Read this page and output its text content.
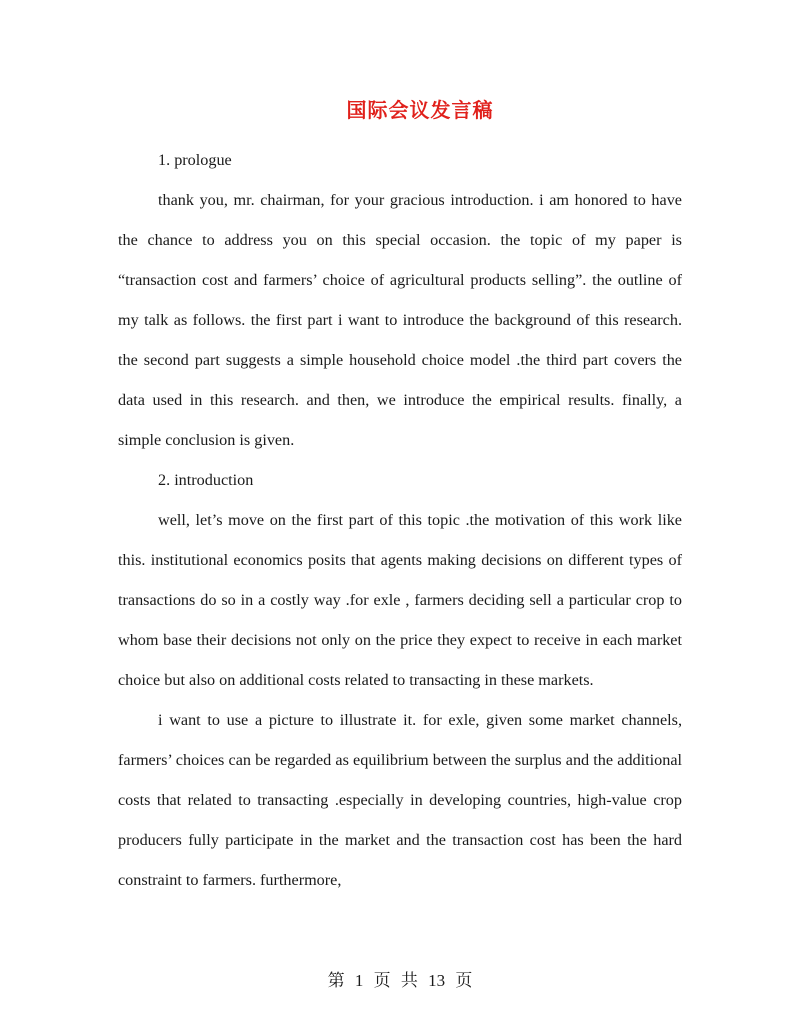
国际会议发言稿

1. prologue

thank you, mr. chairman, for your gracious introduction. i am honored to have the chance to address you on this special occasion. the topic of my paper is “transaction cost and farmers’ choice of agricultural products selling”. the outline of my talk as follows. the first part i want to introduce the background of this research. the second part suggests a simple household choice model .the third part covers the data used in this research. and then, we introduce the empirical results. finally, a simple conclusion is given.

2. introduction

well, let’s move on the first part of this topic .the motivation of this work like this. institutional economics posits that agents making decisions on different types of transactions do so in a costly way .for exle , farmers deciding sell a particular crop to whom base their decisions not only on the price they expect to receive in each market choice but also on additional costs related to transacting in these markets.

i want to use a picture to illustrate it. for exle, given some market channels, farmers’ choices can be regarded as equilibrium between the surplus and the additional costs that related to transacting .especially in developing countries, high-value crop producers fully participate in the market and the transaction cost has been the hard constraint to farmers. furthermore,

第 1 页 共 13 页
